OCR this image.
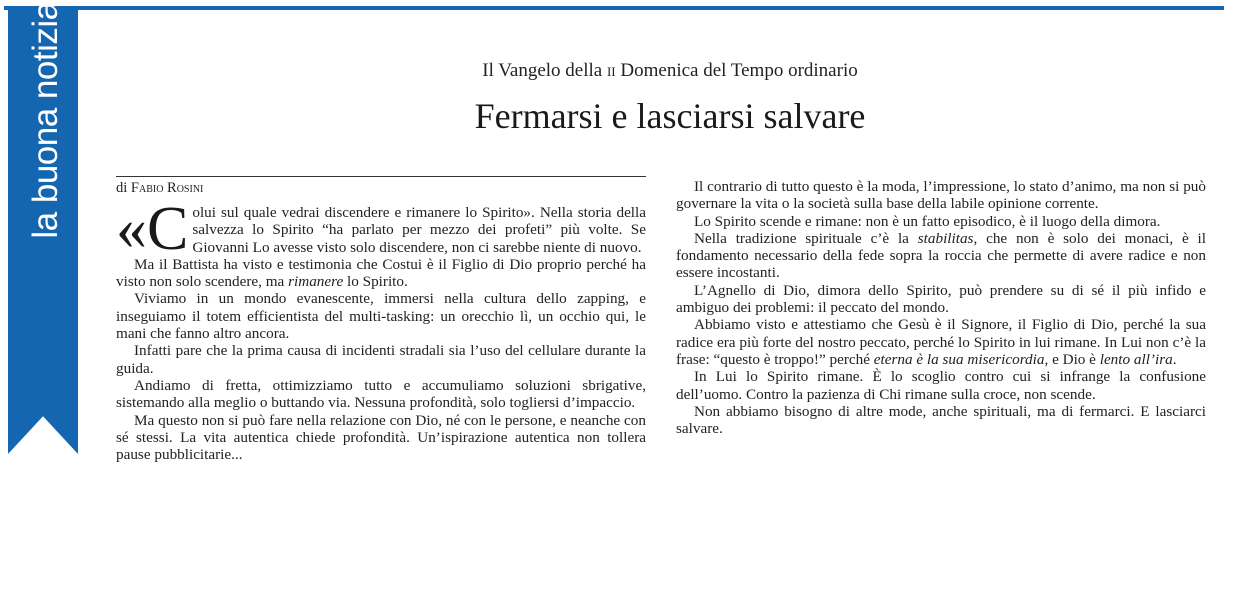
la buona notizia	Il Vangelo della ii Domenica del Tempo ordinario
Fermarsi e lasciarsi salvare
di Fabio Rosini

«Colui sul quale vedrai discendere e rimanere lo Spirito». Nella storia della salvezza lo Spirito “ha parlato per mezzo dei profeti” più volte. Se Giovanni Lo avesse visto solo discendere, non ci sarebbe niente di nuovo.

Ma il Battista ha visto e testimonia che Costui è il Figlio di Dio proprio perché ha visto non solo scendere, ma rimanere lo Spirito.

Viviamo in un mondo evanescente, immersi nella cultura dello zapping, e inseguiamo il totem efficientista del multi-tasking: un orecchio lì, un occhio qui, le mani che fanno altro ancora.

Infatti pare che la prima causa di incidenti stradali sia l’uso del cellulare durante la guida.

Andiamo di fretta, ottimizziamo tutto e accumuliamo soluzioni sbrigative, sistemando alla meglio o buttando via. Nessuna profondità, solo togliersi d’impaccio.

Ma questo non si può fare nella relazione con Dio, né con le persone, e neanche con sé stessi. La vita autentica chiede profondità. Un’ispirazione autentica non tollera pause pubblicitarie...

Il contrario di tutto questo è la moda, l’impressione, lo stato d’animo, ma non si può governare la vita o la società sulla base della labile opinione corrente.

Lo Spirito scende e rimane: non è un fatto episodico, è il luogo della dimora.

Nella tradizione spirituale c’è la stabilitas, che non è solo dei monaci, è il fondamento necessario della fede sopra la roccia che permette di avere radice e non essere incostanti.

L’Agnello di Dio, dimora dello Spirito, può prendere su di sé il più infido e ambiguo dei problemi: il peccato del mondo.

Abbiamo visto e attestiamo che Gesù è il Signore, il Figlio di Dio, perché la sua radice era più forte del nostro peccato, perché lo Spirito in lui rimane. In Lui non c’è la frase: “questo è troppo!” perché eterna è la sua misericordia, e Dio è lento all’ira.

In Lui lo Spirito rimane. È lo scoglio contro cui si infrange la confusione dell’uomo. Contro la pazienza di Chi rimane sulla croce, non scende.

Non abbiamo bisogno di altre mode, anche spirituali, ma di fermarci. E lasciarci salvare.
